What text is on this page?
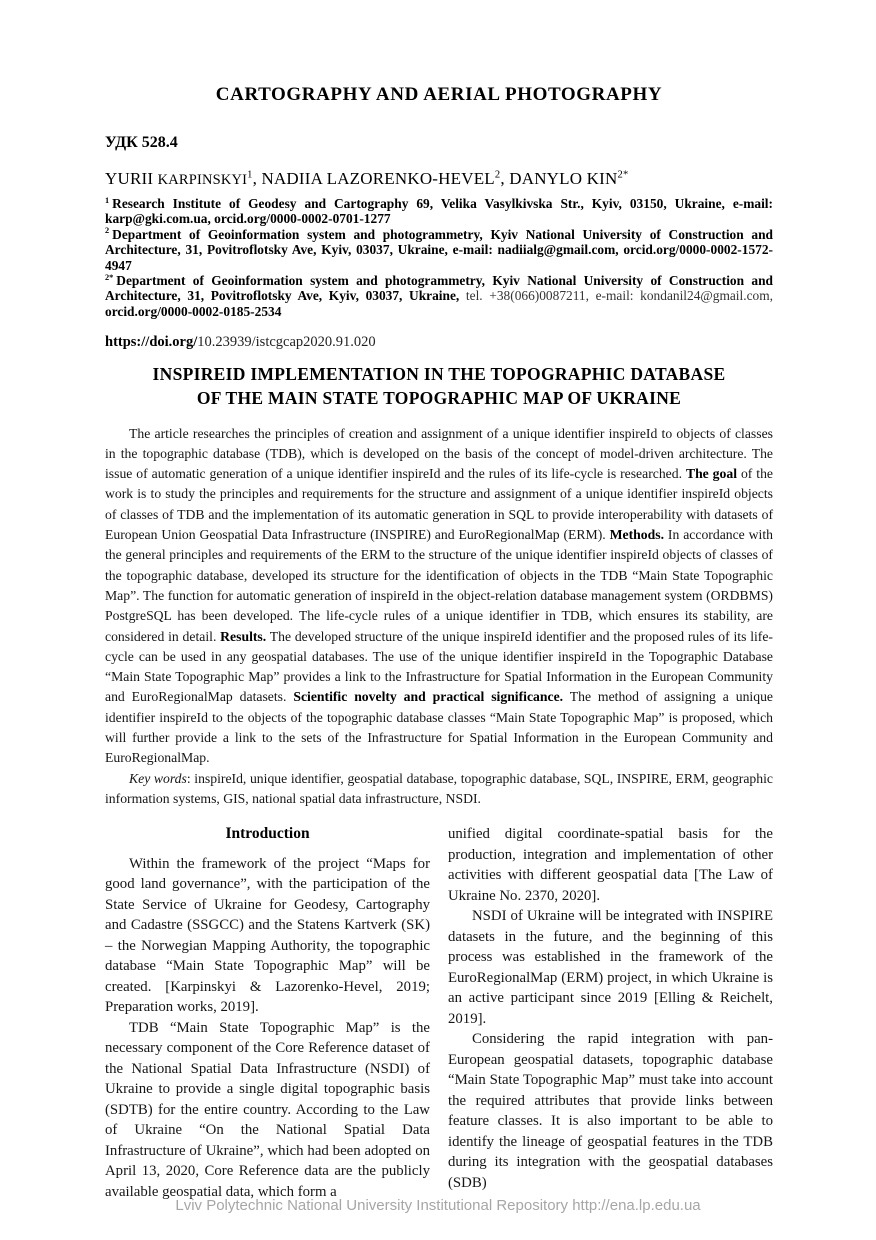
CARTOGRAPHY AND AERIAL PHOTOGRAPHY
УДК 528.4
YURII KARPINSKYI$^1$, NADIIA LAZORENKO-HEVEL$^2$, DANYLO $KIN^{2*}$

$^1$ Research Institute of Geodesy and Cartography 69, Velika Vasylkivska Str., Kyiv, 03150, Ukraine, e-mail: karp@gki.com.ua, orcid.org/0000-0002-0701-1277

$^2$ Department of Geoinformation system and photogrammetry, Kyiv National University of Construction and Architecture, 31, Povitroflotsky Ave, Kyiv, 03037, Ukraine, e-mail: nadiialg@gmail.com, orcid.org/0000-0002-1572-4947

$^{2*}$ Department of Geoinformation system and photogrammetry, Kyiv National University of Construction and Architecture, 31, Povitroflotsky Ave, Kyiv, 03037, Ukraine, tel. +38(066)0087211, e-mail: kondanil24@gmail.com, orcid.org/0000-0002-0185-2534

https://doi.org/10.23939/istcgcap2020.91.020
INSPIREID IMPLEMENTATION IN THE TOPOGRAPHIC DATABASE
OF THE MAIN STATE TOPOGRAPHIC MAP OF UKRAINE

The article researches the principles of creation and assignment of a unique identifier inspireId to objects of classes in the topographic database (TDB), which is developed on the basis of the concept of model-driven architecture. The issue of automatic generation of a unique identifier inspireId and the rules of its life-cycle is researched. The goal of the work is to study the principles and requirements for the structure and assignment of a unique identifier inspireId objects of classes of TDB and the implementation of its automatic generation in SQL to provide interoperability with datasets of European Union Geospatial Data Infrastructure (INSPIRE) and EuroRegionalMap (ERM). Methods. In accordance with the general principles and requirements of the ERM to the structure of the unique identifier inspireId objects of classes of the topographic database, developed its structure for the identification of objects in the TDB “Main State Topographic Map”. The function for automatic generation of inspireId in the object-relation database management system (ORDBMS) PostgreSQL has been developed. The life-cycle rules of a unique identifier in TDB, which ensures its stability, are considered in detail. Results. The developed structure of the unique inspireId identifier and the proposed rules of its life-cycle can be used in any geospatial databases. The use of the unique identifier inspireId in the Topographic Database “Main State Topographic Map” provides a link to the Infrastructure for Spatial Information in the European Community and EuroRegionalMap datasets. Scientific novelty and practical significance. The method of assigning a unique identifier inspireId to the objects of the topographic database classes “Main State Topographic Map” is proposed, which will further provide a link to the sets of the Infrastructure for Spatial Information in the European Community and EuroRegionalMap.

Key words: inspireId, unique identifier, geospatial database, topographic database, SQL, INSPIRE, ERM, geographic information systems, GIS, national spatial data infrastructure, NSDI.

Introduction

Within the framework of the project “Maps for good land governance”, with the participation of the State Service of Ukraine for Geodesy, Cartography and Cadastre (SSGCC) and the Statens Kartverk (SK) – the Norwegian Mapping Authority, the topographic database “Main State Topographic Map” will be created. [Karpinskyi & Lazorenko-Hevel, 2019; Preparation works, 2019].

TDB “Main State Topographic Map” is the necessary component of the Core Reference dataset of the National Spatial Data Infrastructure (NSDI) of Ukraine to provide a single digital topographic basis (SDTB) for the entire country. According to the Law of Ukraine “On the National Spatial Data Infrastructure of Ukraine”, which had been adopted on April 13, 2020, Core Reference data are the publicly available geospatial data, which form a

unified digital coordinate-spatial basis for the production, integration and implementation of other activities with different geospatial data [The Law of Ukraine No. 2370, 2020].

NSDI of Ukraine will be integrated with INSPIRE datasets in the future, and the beginning of this process was established in the framework of the EuroRegionalMap (ERM) project, in which Ukraine is an active participant since 2019 [Elling & Reichelt, 2019].

Considering the rapid integration with pan-European geospatial datasets, topographic database “Main State Topographic Map” must take into account the required attributes that provide links between feature classes. It is also important to be able to identify the lineage of geospatial features in the TDB during its integration with the geospatial databases (SDB)

Lviv Polytechnic National University Institutional Repository http://ena.lp.edu.ua
